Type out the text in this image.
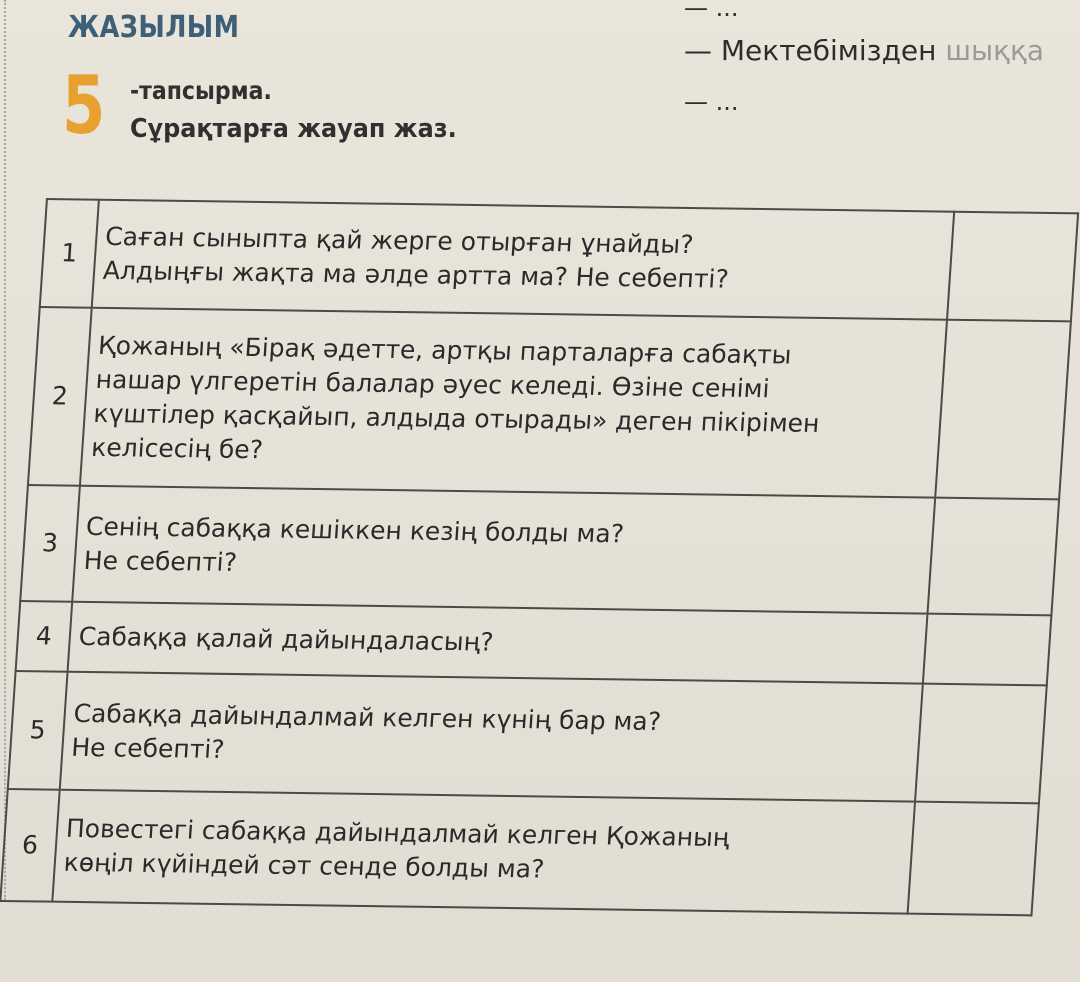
ЖАЗЫЛЫМ
5 -тапсырма.
Сұрақтарға жауап жаз.
— ...
— Мектебімізден шыққа
— ...
1	Саған сыныпта қай жерге отырған ұнайды?
Алдыңғы жақта ма әлде артта ма? Не себепті?	

2	Қожаның «Бірақ әдетте, артқы парталарға сабақты
нашар үлгеретін балалар әуес келеді. Өзіне сенімі
күштілер қасқайып, алдыда отырады» деген пікірімен
келісесің бе?	

3	Сенің сабаққа кешіккен кезің болды ма?
Не себепті?	

4	Сабаққа қалай дайындаласың?	

5	Сабаққа дайындалмай келген күнің бар ма?
Не себепті?	

6	Повестегі сабаққа дайындалмай келген Қожаның
көңіл күйіндей сәт сенде болды ма?	
